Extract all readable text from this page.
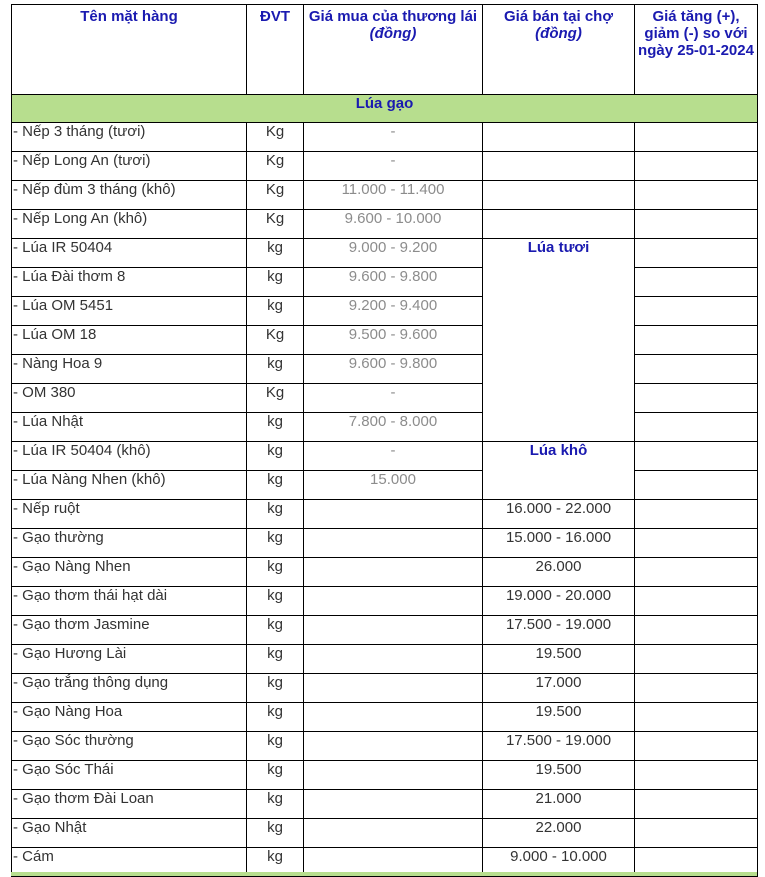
Tên mặt hàng	ĐVT	Giá mua của thương lái (đồng)	Giá bán tại chợ (đồng)	Giá tăng (+), giảm (-) so với ngày 25-01-2024
Lúa gạo				
- Nếp 3 tháng (tươi)	Kg	-		
- Nếp Long An (tươi)	Kg	-		
- Nếp đùm 3 tháng (khô)	Kg	11.000 - 11.400		
- Nếp Long An (khô)	Kg	9.600 - 10.000		
- Lúa IR 50404	kg	9.000 - 9.200	Lúa tươi	
- Lúa Đài thơm 8	kg	9.600 - 9.800		
- Lúa OM 5451	kg	9.200 - 9.400		
- Lúa OM 18	Kg	9.500 - 9.600		
- Nàng Hoa 9	kg	9.600 - 9.800		
- OM 380	Kg	-		
- Lúa Nhật	kg	7.800 - 8.000		
- Lúa IR 50404 (khô)	kg	-	Lúa khô	
- Lúa Nàng Nhen (khô)	kg	15.000		
- Nếp ruột	kg		16.000 - 22.000	
- Gạo thường	kg		15.000 - 16.000	
- Gạo Nàng Nhen	kg		26.000	
- Gạo thơm thái hạt dài	kg		19.000 - 20.000	
- Gạo thơm Jasmine	kg		17.500 - 19.000	
- Gạo Hương Lài	kg		19.500	
- Gạo trắng thông dụng	kg		17.000	
- Gạo Nàng Hoa	kg		19.500	
- Gạo Sóc thường	kg		17.500 - 19.000	
- Gạo Sóc Thái	kg		19.500	
- Gạo thơm Đài Loan	kg		21.000	
- Gạo Nhật	kg		22.000	
- Cám	kg		9.000 - 10.000	
